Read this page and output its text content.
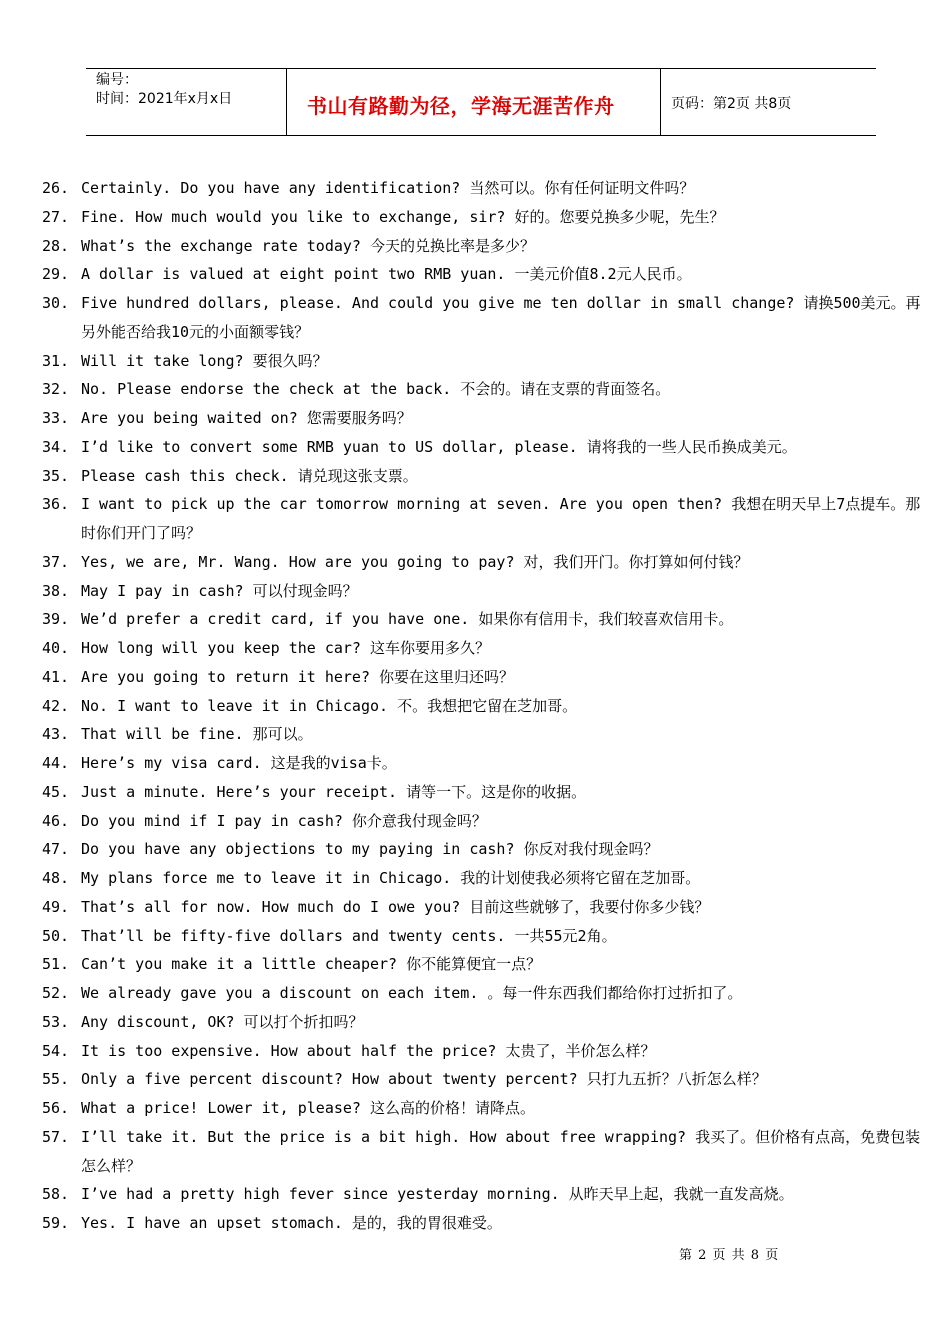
编号：
时间：2021年x月x日	书山有路勤为径，学海无涯苦作舟	页码：第2页 共8页
26. Certainly. Do you have any identification? 当然可以。你有任何证明文件吗？
27. Fine. How much would you like to exchange, sir? 好的。您要兑换多少呢，先生？
28. What’s the exchange rate today? 今天的兑换比率是多少？
29. A dollar is valued at eight point two RMB yuan. 一美元价值8.2元人民币。
30. Five hundred dollars, please. And could you give me ten dollar in small change? 请换500美元。再另外能否给我10元的小面额零钱？
31. Will it take long? 要很久吗？
32. No. Please endorse the check at the back. 不会的。请在支票的背面签名。
33. Are you being waited on? 您需要服务吗？
34. I’d like to convert some RMB yuan to US dollar, please. 请将我的一些人民币换成美元。
35. Please cash this check. 请兑现这张支票。
36. I want to pick up the car tomorrow morning at seven. Are you open then? 我想在明天早上7点提车。那时你们开门了吗？
37. Yes, we are, Mr. Wang. How are you going to pay? 对，我们开门。你打算如何付钱？
38. May I pay in cash? 可以付现金吗？
39. We’d prefer a credit card, if you have one. 如果你有信用卡，我们较喜欢信用卡。
40. How long will you keep the car? 这车你要用多久？
41. Are you going to return it here? 你要在这里归还吗？
42. No. I want to leave it in Chicago. 不。我想把它留在芝加哥。
43. That will be fine. 那可以。
44. Here’s my visa card. 这是我的visa卡。
45. Just a minute. Here’s your receipt. 请等一下。这是你的收据。
46. Do you mind if I pay in cash? 你介意我付现金吗？
47. Do you have any objections to my paying in cash? 你反对我付现金吗？
48. My plans force me to leave it in Chicago. 我的计划使我必须将它留在芝加哥。
49. That’s all for now. How much do I owe you? 目前这些就够了，我要付你多少钱？
50. That’ll be fifty-five dollars and twenty cents. 一共55元2角。
51. Can’t you make it a little cheaper? 你不能算便宜一点？
52. We already gave you a discount on each item. 。每一件东西我们都给你打过折扣了。
53. Any discount, OK? 可以打个折扣吗？
54. It is too expensive. How about half the price? 太贵了，半价怎么样？
55. Only a five percent discount? How about twenty percent? 只打九五折？八折怎么样？
56. What a price! Lower it, please? 这么高的价格！请降点。
57. I’ll take it. But the price is a bit high. How about free wrapping? 我买了。但价格有点高，免费包装怎么样？
58. I’ve had a pretty high fever since yesterday morning. 从昨天早上起，我就一直发高烧。
59. Yes. I have an upset stomach. 是的，我的胃很难受。
第 2 页 共 8 页
